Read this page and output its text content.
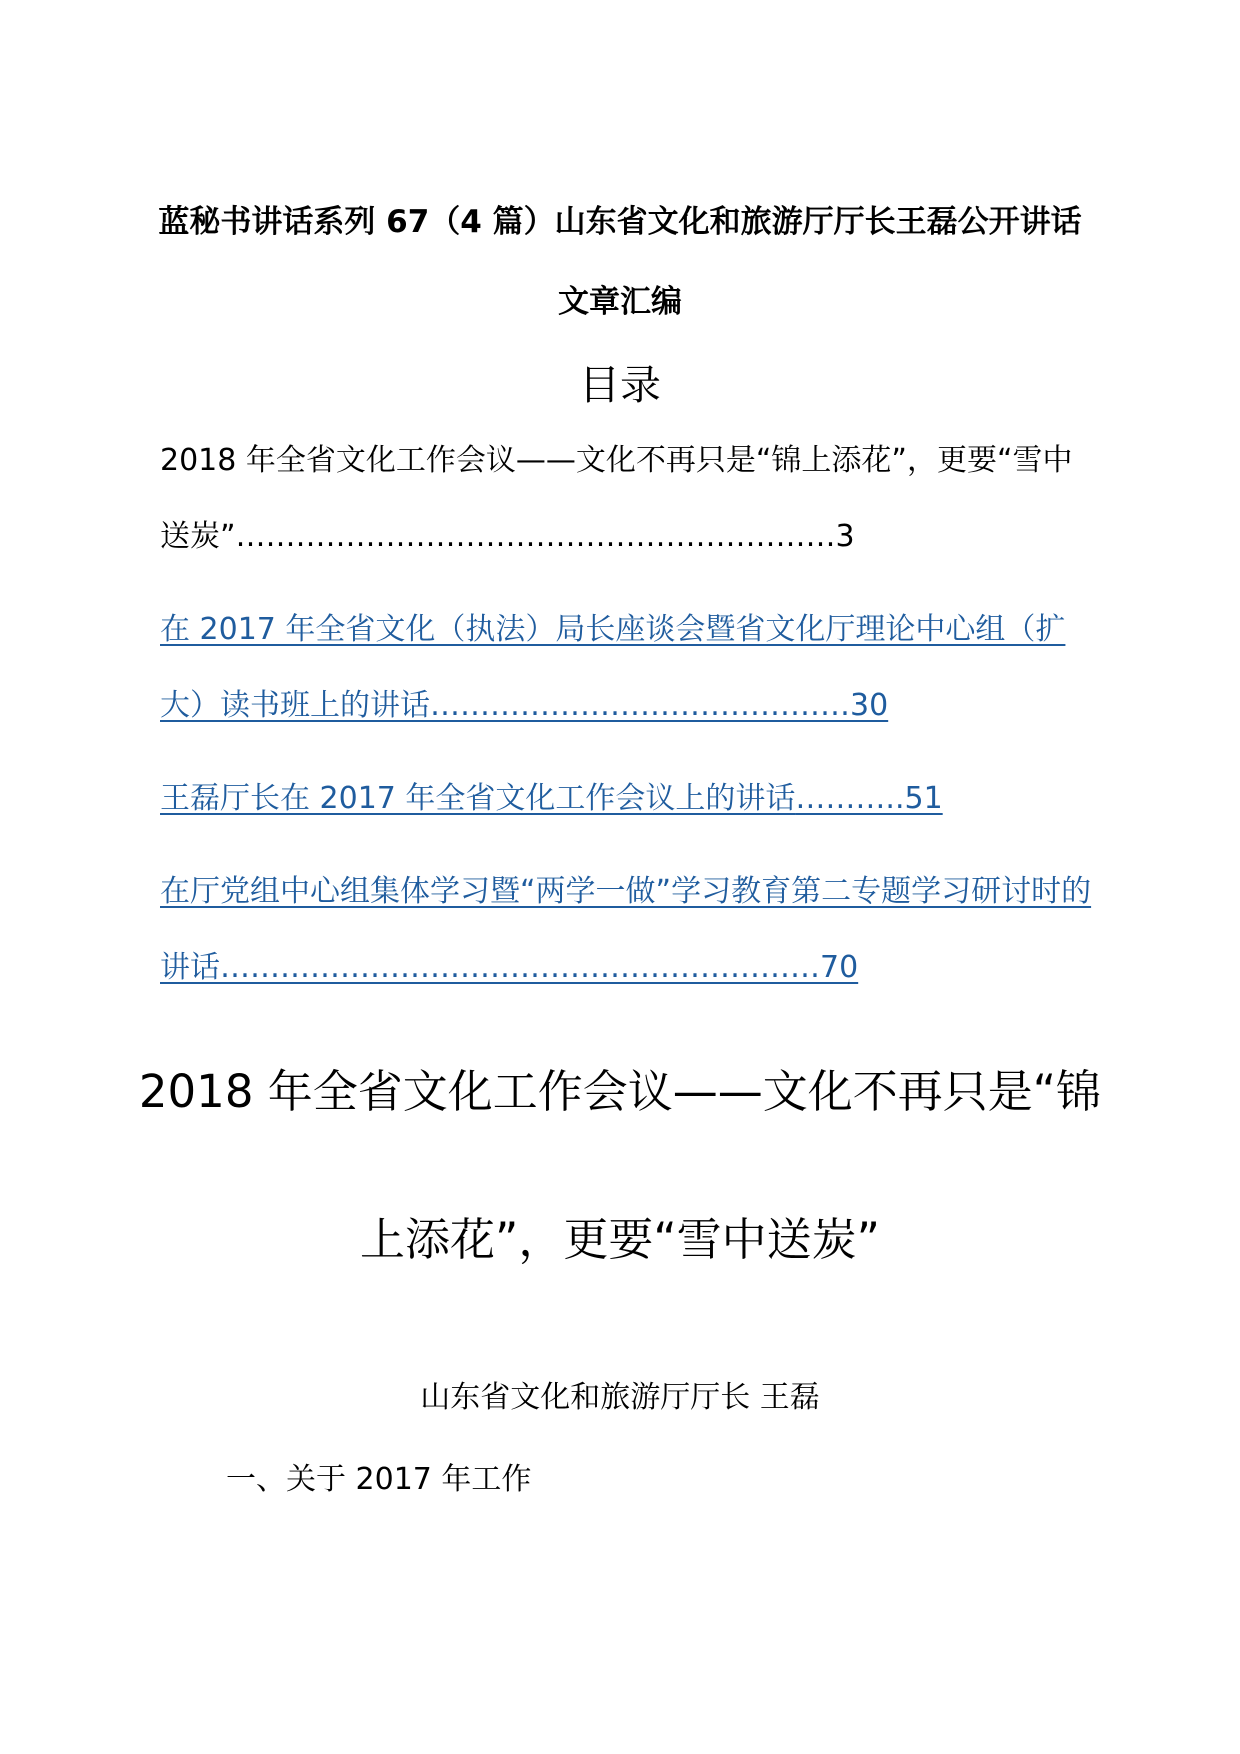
蓝秘书讲话系列 67（4 篇）山东省文化和旅游厅厅长王磊公开讲话文章汇编
目录
2018 年全省文化工作会议——文化不再只是“锦上添花”，更要“雪中送炭”……………………………………………………3
在 2017 年全省文化（执法）局长座谈会暨省文化厅理论中心组（扩大）读书班上的讲话……………………………………30
王磊厅长在 2017 年全省文化工作会议上的讲话………..51
在厅党组中心组集体学习暨“两学一做”学习教育第二专题学习研讨时的讲话……………………………………………………70
2018 年全省文化工作会议——文化不再只是“锦上添花”，更要“雪中送炭”
山东省文化和旅游厅厅长 王磊
一、关于 2017 年工作
